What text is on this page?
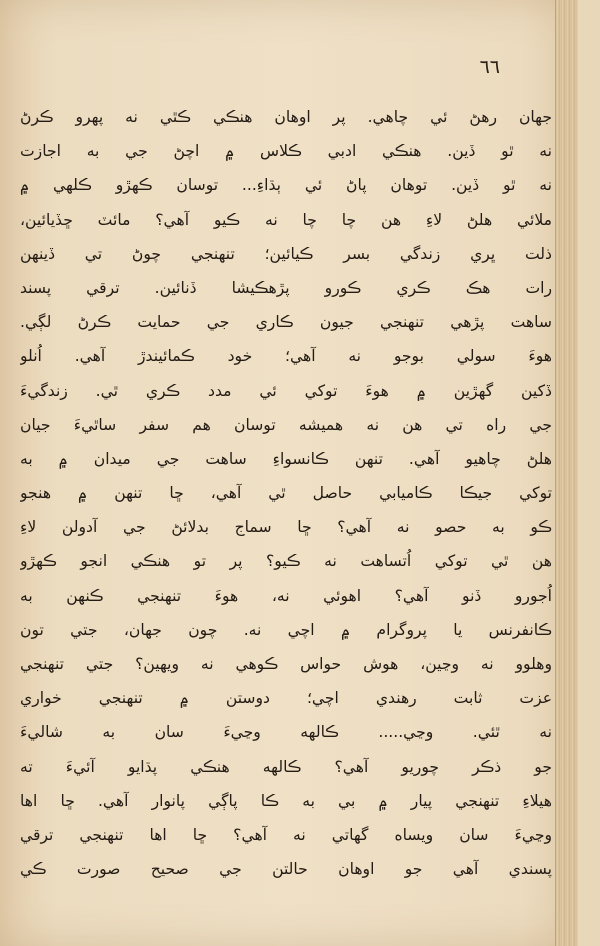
٦٦
جهان رهڻ ئي چاهي. پر اوهان هنڪي ڪٿي نه پهرو ڪرڻ
نه ٿو ڏين. هنڪي ادبي ڪلاس ۾ اچڻ جي به اجازت
نه ٿو ڏين. توهان پاڻ ئي ٻڌاءِ... توسان ڪهڙو ڪلهي ۾
ملائي هلڻ لاءِ هن چا چا نه ڪيو آهي؟ مائٽ ڇڏيائين،
ذلت ڀري زندگي بسر ڪيائين؛ تنهنجي چوڻ تي ڏينهن
رات هڪ ڪري ڪورو پڙهڪيشا ڏنائين. ترقي پسند
ساهت پڙهي تنهنجي جيون ڪاري جي حمايت ڪرڻ لڳي.
هوءَ سولي بوجو نه آهي؛ خود ڪمائيندڙ آهي. اُنلو
ڏکين گهڙين ۾ هوءَ توکي ئي مدد ڪري ٿي. زندگيءَ
جي راه تي هن نه هميشه توسان هم سفر ساٿيءَ جيان
هلڻ چاهيو آهي. تنهن ڪانسواءِ ساهت جي ميدان ۾ به
توکي جيڪا ڪاميابي حاصل ٿي آهي، ڇا تنهن ۾ هنجو
ڪو به حصو نه آهي؟ ڇا سماج بدلائڻ جي آدولن لاءِ
هن ٿي توکي اُتساهت نه ڪيو؟ پر تو هنڪي انجو ڪهڙو
اُجورو ڏنو آهي؟ اهوئي نه، هوءَ تنهنجي ڪنهن به
ڪانفرنس يا پروگرام ۾ اچي نه. چون جهان، جتي تون
وهلوو نه وڃين، هوش حواس ڪوهي نه ويهين؟ جتي تنهنجي
عزت ثابت رهندي اچي؛ دوستن ۾ تنهنجي خواري
نه ٿئي. وڃي..... ڪالهه وڃيءَ سان به شاليءَ
جو ذڪر چوريو آهي؟ ڪالهه هنڪي پڌايو آئيءَ ته
هيلاءِ تنهنجي پيار ۾ بي به ڪا پاڳي پانوار آهي. ڇا اها
وڃيءَ سان ويساه گهاتي نه آهي؟ ڇا اها تنهنجي ترقي
پسندي آهي جو اوهان حالتن جي صحيح صورت ڪي
